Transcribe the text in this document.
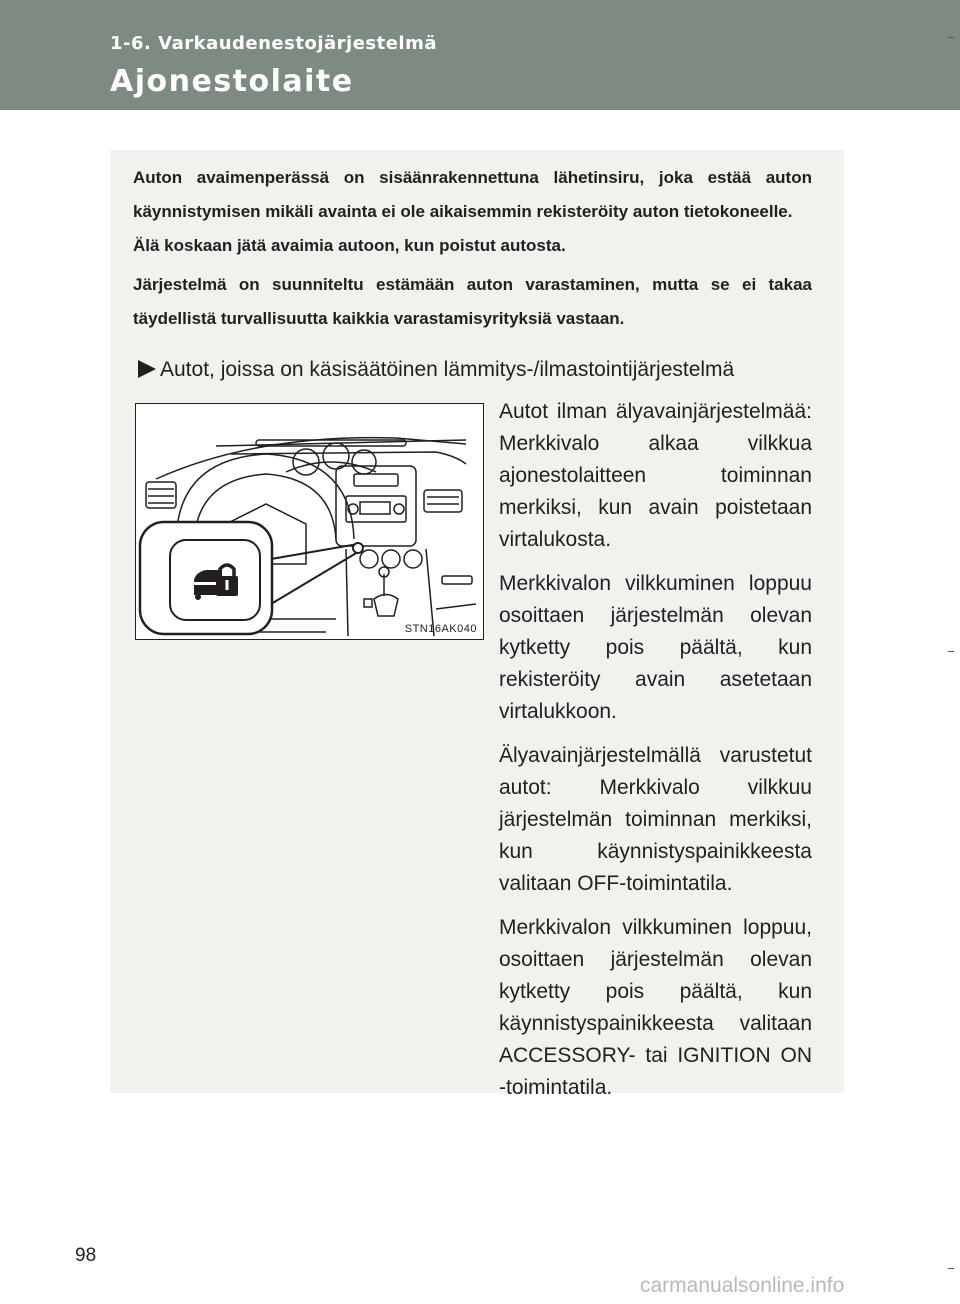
1-6. Varkaudenestojärjestelmä
Ajonestolaite

Auton avaimenperässä on sisäänrakennettuna lähetinsiru, joka estää auton käynnistymisen mikäli avainta ei ole aikaisemmin rekisteröity auton tietokoneelle.

Älä koskaan jätä avaimia autoon, kun poistut autosta.

Järjestelmä on suunniteltu estämään auton varastaminen, mutta se ei takaa täydellistä turvallisuutta kaikkia varastamisyrityksiä vastaan.

Autot, joissa on käsisäätöinen lämmitys-/ilmastointijärjestelmä
STN16AK040

Autot ilman älyavainjärjestelmää: Merkkivalo alkaa vilkkua ajonestolaitteen toiminnan merkiksi, kun avain poistetaan virtalukosta.

Merkkivalon vilkkuminen loppuu osoittaen järjestelmän olevan kytketty pois päältä, kun rekisteröity avain asetetaan virtalukkoon.

Älyavainjärjestelmällä varustetut autot: Merkkivalo vilkkuu järjestelmän toiminnan merkiksi, kun käynnistyspainikkeesta valitaan OFF-toimintatila.

Merkkivalon vilkkuminen loppuu, osoittaen järjestelmän olevan kytketty pois päältä, kun käynnistyspainikkeesta valitaan ACCESSORY- tai IGNITION ON -toimintatila.

98
carmanualsonline.info
